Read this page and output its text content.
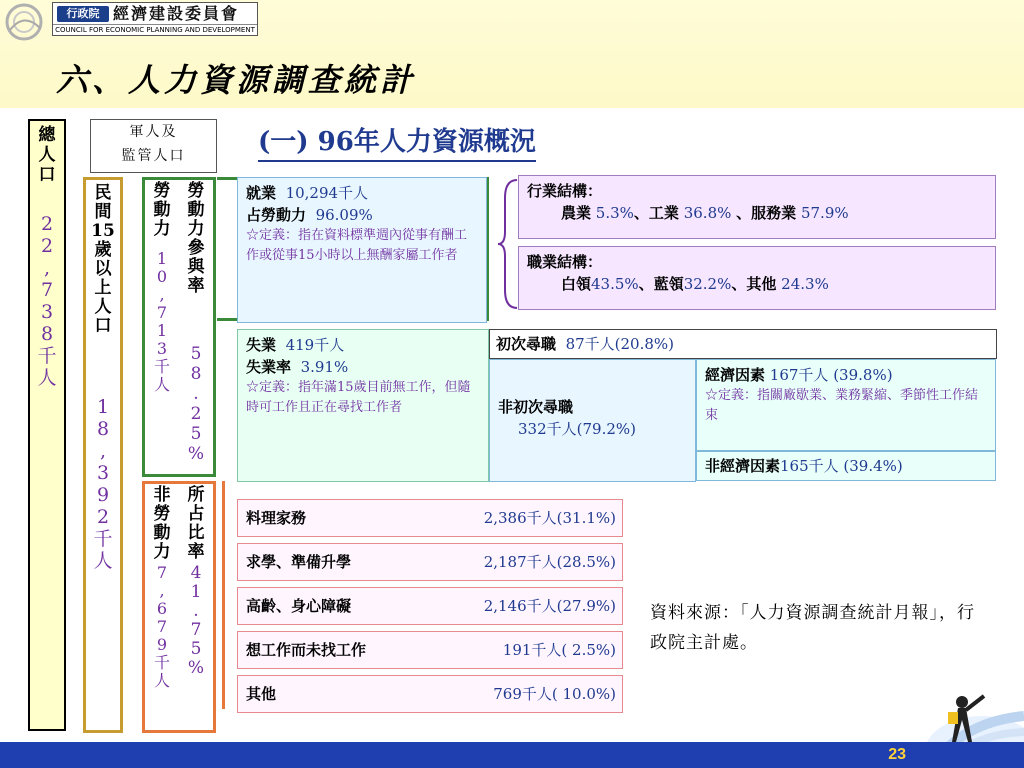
行政院 經濟建設委員會
COUNCIL FOR ECONOMIC PLANNING AND DEVELOPMENT
六、人力資源調查統計
(一) 96年人力資源概況
軍人及
監管人口
總
人
口
2
2
,
7
3
8
千
人
民
間
15
歲
以
上
人
口
1
8
,
3
9
2
千
人
勞
動
力
1
0
,
7
1
3
千
人
勞
動
力
參
與
率
5
8
.
2
5
%
非
勞
動
力
7
,
6
7
9
千
人
所
占
比
率
4
1
.
7
5
%
就業 10,294千人
占勞動力 96.09%
☆定義：指在資料標準週內從事有酬工作或從事15小時以上無酬家屬工作者
行業結構：
農業 5.3%、工業 36.8% 、服務業 57.9%
職業結構：
白領43.5%、藍領32.2%、其他 24.3%
失業 419千人
失業率 3.91%
☆定義：指年滿15歲目前無工作，但隨時可工作且正在尋找工作者
初次尋職 87千人(20.8%)
非初次尋職
332千人(79.2%)
經濟因素 167千人 (39.8%)
☆定義：指關廠歇業、業務緊縮、季節性工作結束
非經濟因素165千人 (39.4%)
料理家務	2,386千人(31.1%)
求學、準備升學	2,187千人(28.5%)
高齡、身心障礙	2,146千人(27.9%)
想工作而未找工作	191千人( 2.5%)
其他	769千人( 10.0%)
資料來源：「人力資源調查統計月報」，行政院主計處。
23
